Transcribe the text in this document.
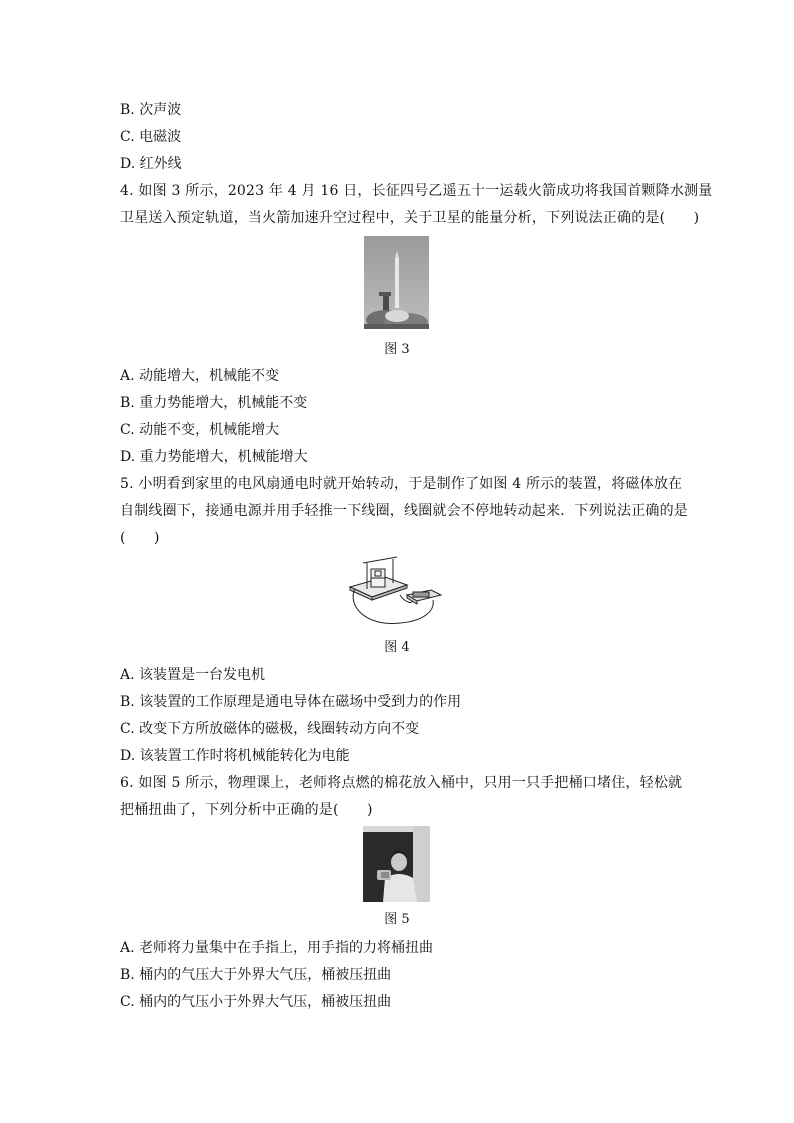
B. 次声波
C. 电磁波
D. 红外线
4. 如图 3 所示，2023 年 4 月 16 日，长征四号乙遥五十一运载火箭成功将我国首颗降水测量
卫星送入预定轨道，当火箭加速升空过程中，关于卫星的能量分析，下列说法正确的是(　　)
图 3
A. 动能增大，机械能不变
B. 重力势能增大，机械能不变
C. 动能不变，机械能增大
D. 重力势能增大，机械能增大
5. 小明看到家里的电风扇通电时就开始转动，于是制作了如图 4 所示的装置，将磁体放在
自制线圈下，接通电源并用手轻推一下线圈，线圈就会不停地转动起来．下列说法正确的是
(　　)
图 4
A. 该装置是一台发电机
B. 该装置的工作原理是通电导体在磁场中受到力的作用
C. 改变下方所放磁体的磁极，线圈转动方向不变
D. 该装置工作时将机械能转化为电能
6. 如图 5 所示，物理课上，老师将点燃的棉花放入桶中，只用一只手把桶口堵住，轻松就
把桶扭曲了，下列分析中正确的是(　　)
图 5
A. 老师将力量集中在手指上，用手指的力将桶扭曲
B. 桶内的气压大于外界大气压，桶被压扭曲
C. 桶内的气压小于外界大气压，桶被压扭曲
